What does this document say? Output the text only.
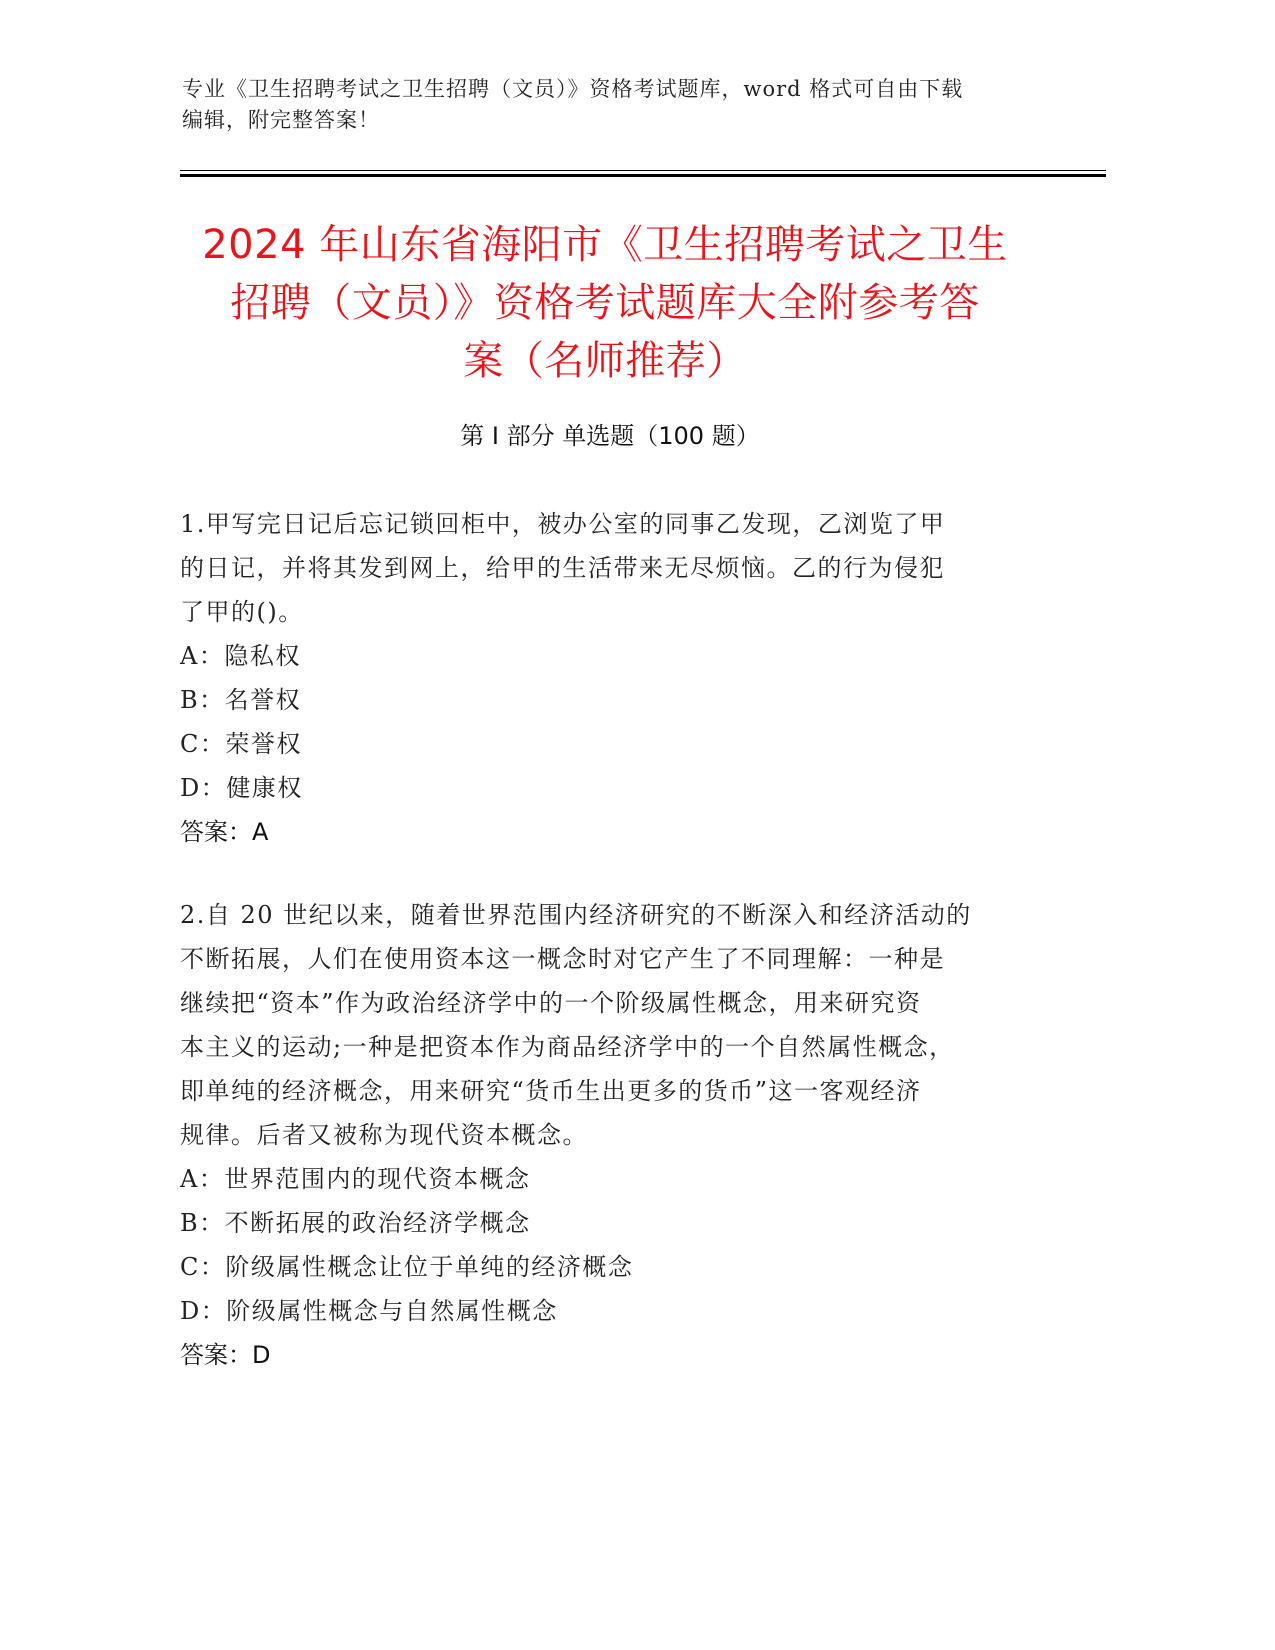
专业《卫生招聘考试之卫生招聘（文员）》资格考试题库，word 格式可自由下载
编辑，附完整答案！
2024 年山东省海阳市《卫生招聘考试之卫生
招聘（文员）》资格考试题库大全附参考答
案（名师推荐）
第 I 部分 单选题（100 题）

1.甲写完日记后忘记锁回柜中，被办公室的同事乙发现，乙浏览了甲

的日记，并将其发到网上，给甲的生活带来无尽烦恼。乙的行为侵犯

了甲的()。

A：隐私权

B：名誉权

C：荣誉权

D：健康权

答案：A

2.自 20 世纪以来，随着世界范围内经济研究的不断深入和经济活动的

不断拓展，人们在使用资本这一概念时对它产生了不同理解：一种是

继续把“资本”作为政治经济学中的一个阶级属性概念，用来研究资

本主义的运动;一种是把资本作为商品经济学中的一个自然属性概念，

即单纯的经济概念，用来研究“货币生出更多的货币”这一客观经济

规律。后者又被称为现代资本概念。

A：世界范围内的现代资本概念

B：不断拓展的政治经济学概念

C：阶级属性概念让位于单纯的经济概念

D：阶级属性概念与自然属性概念

答案：D
